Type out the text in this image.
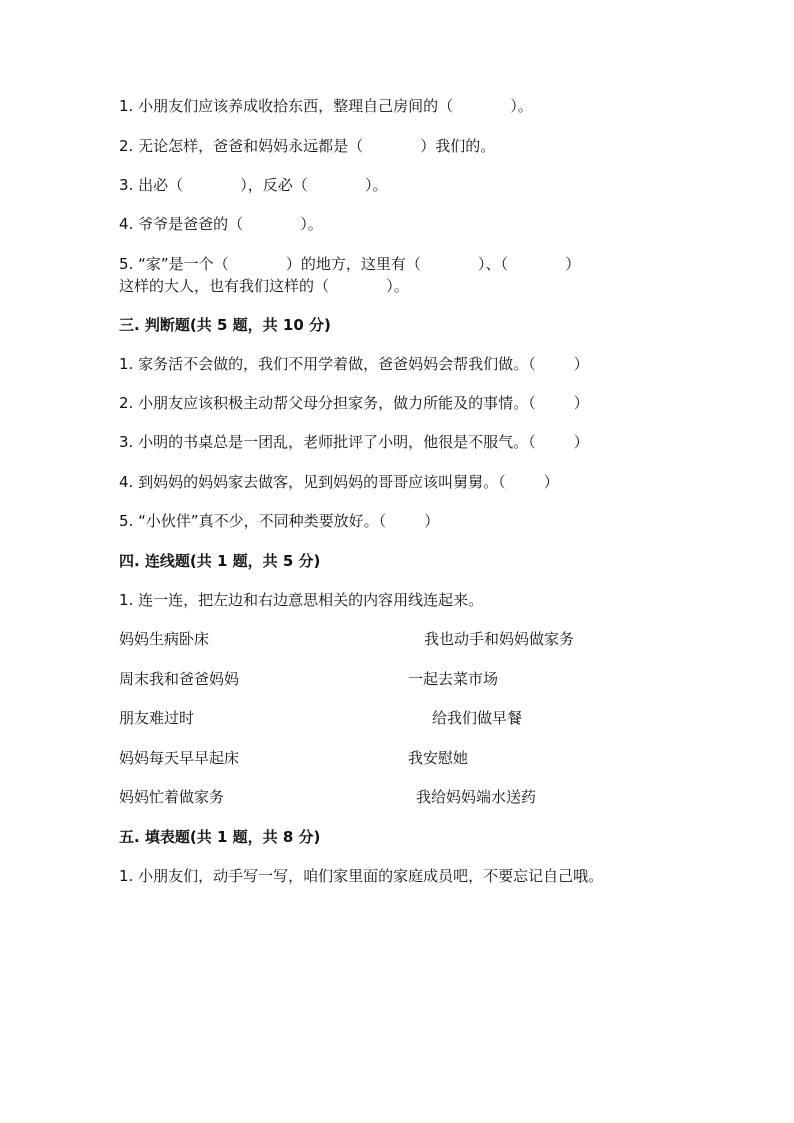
1. 小朋友们应该养成收拾东西，整理自己房间的（            ）。
2. 无论怎样，爸爸和妈妈永远都是（            ）我们的。
3. 出必（            ），反必（            ）。
4. 爷爷是爸爸的（            ）。
5. “家”是一个（            ）的地方，这里有（            ）、（            ）
这样的大人，也有我们这样的（            ）。
三. 判断题(共 5 题，共 10 分)
1. 家务活不会做的，我们不用学着做，爸爸妈妈会帮我们做。（        ）
2. 小朋友应该积极主动帮父母分担家务，做力所能及的事情。（        ）
3. 小明的书桌总是一团乱，老师批评了小明，他很是不服气。（        ）
4. 到妈妈的妈妈家去做客，见到妈妈的哥哥应该叫舅舅。（        ）
5. “小伙伴”真不少，不同种类要放好。（        ）
四. 连线题(共 1 题，共 5 分)
1. 连一连，把左边和右边意思相关的内容用线连起来。
妈妈生病卧床	我也动手和妈妈做家务
周末我和爸爸妈妈	一起去菜市场
朋友难过时	给我们做早餐
妈妈每天早早起床	我安慰她
妈妈忙着做家务	我给妈妈端水送药
五. 填表题(共 1 题，共 8 分)
1. 小朋友们，动手写一写，咱们家里面的家庭成员吧，不要忘记自己哦。
